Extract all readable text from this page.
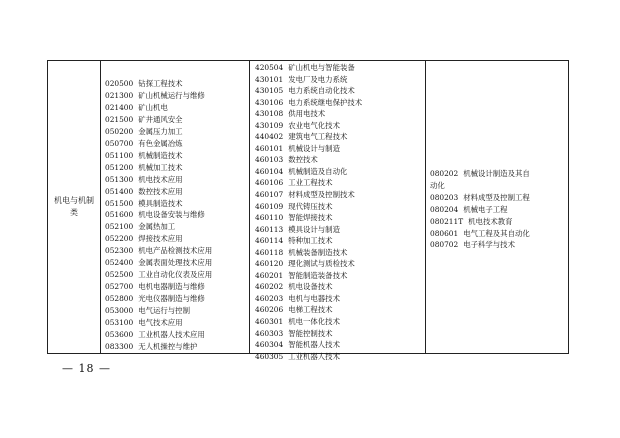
机电与机制类
020500 钻探工程技术
021300 矿山机械运行与维修
021400 矿山机电
021500 矿井通风安全
050200 金属压力加工
050700 有色金属冶炼
051100 机械制造技术
051200 机械加工技术
051300 机电技术应用
051400 数控技术应用
051500 模具制造技术
051600 机电设备安装与维修
052100 金属热加工
052200 焊接技术应用
052300 机电产品检测技术应用
052400 金属表面处理技术应用
052500 工业自动化仪表及应用
052700 电机电器制造与维修
052800 光电仪器制造与维修
053000 电气运行与控制
053100 电气技术应用
053600 工业机器人技术应用
083300 无人机操控与维护
420504 矿山机电与智能装备
430101 发电厂及电力系统
430105 电力系统自动化技术
430106 电力系统继电保护技术
430108 供用电技术
430109 农业电气化技术
440402 建筑电气工程技术
460101 机械设计与制造
460103 数控技术
460104 机械制造及自动化
460106 工业工程技术
460107 材料成型及控制技术
460109 现代铸压技术
460110 智能焊接技术
460113 模具设计与制造
460114 特种加工技术
460118 机械装备制造技术
460120 理化测试与质检技术
460201 智能制造装备技术
460202 机电设备技术
460203 电机与电器技术
460206 电梯工程技术
460301 机电一体化技术
460303 智能控制技术
460304 智能机器人技术
460305 工业机器人技术
080202 机械设计制造及其自
动化
080203 材料成型及控制工程
080204 机械电子工程
080211T 机电技术教育
080601 电气工程及其自动化
080702 电子科学与技术
— 18 —
